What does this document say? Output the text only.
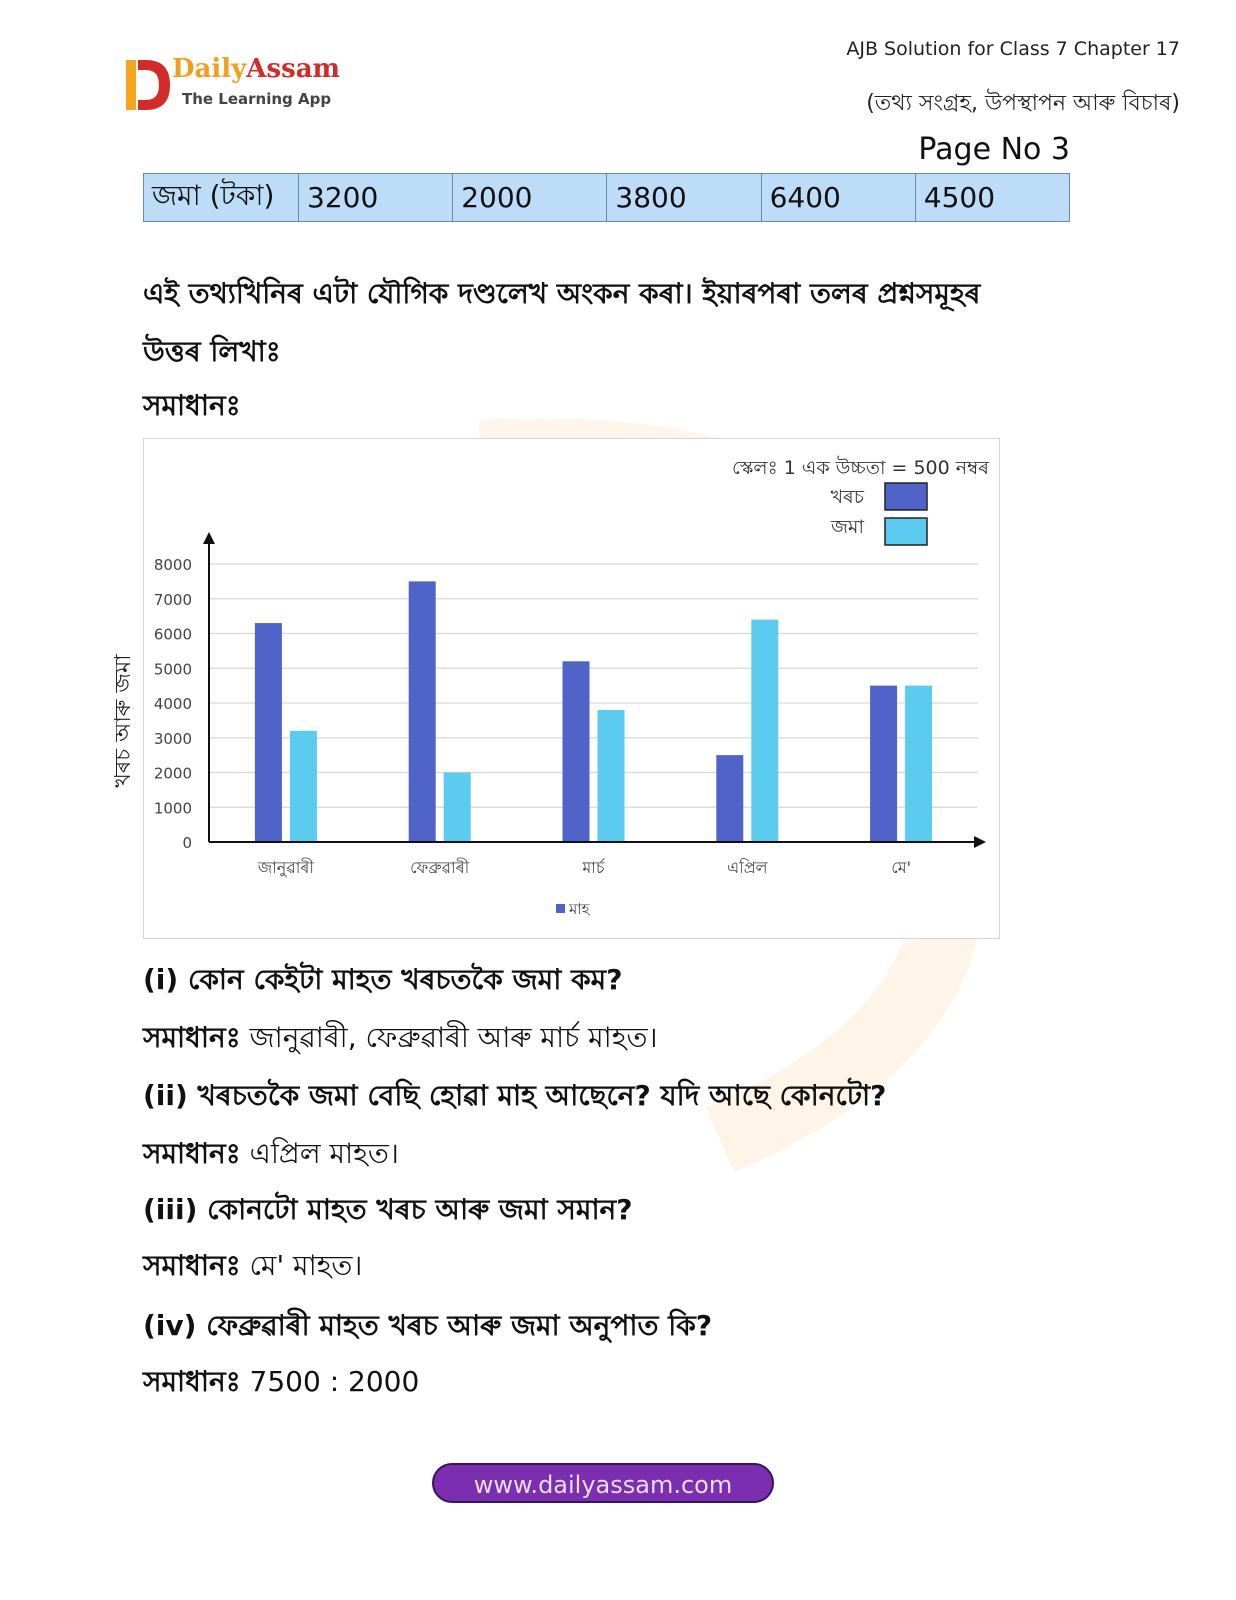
DailyAssam
The Learning App
AJB Solution for Class 7 Chapter 17
(তথ্য সংগ্ৰহ, উপস্থাপন আৰু বিচাৰ)
Page No 3
জমা (টকা)	3200	2000	3800	6400	4500
এই তথ্যখিনিৰ এটা যৌগিক দণ্ডলেখ অংকন কৰা। ইয়াৰপৰা তলৰ প্ৰশ্নসমূহৰ
উত্তৰ লিখাঃ
সমাধানঃ
স্কেলঃ 1 এক উচ্চতা = 500 নম্বৰ
খৰচ
জমা
0
1000
2000
3000
4000
5000
6000
7000
8000
জানুৱাৰী	ফেব্ৰুৱাৰী	মাৰ্চ	এপ্ৰিল	মে'
খৰচ আৰু জমা
মাহ
(i) কোন কেইটা মাহত খৰচতকৈ জমা কম?
সমাধানঃ জানুৱাৰী, ফেব্ৰুৱাৰী আৰু মাৰ্চ মাহত।
(ii) খৰচতকৈ জমা বেছি হোৱা মাহ আছেনে? যদি আছে কোনটো?
সমাধানঃ এপ্ৰিল মাহত।
(iii) কোনটো মাহত খৰচ আৰু জমা সমান?
সমাধানঃ মে' মাহত।
(iv) ফেব্ৰুৱাৰী মাহত খৰচ আৰু জমা অনুপাত কি?
সমাধানঃ 7500 : 2000
www.dailyassam.com
